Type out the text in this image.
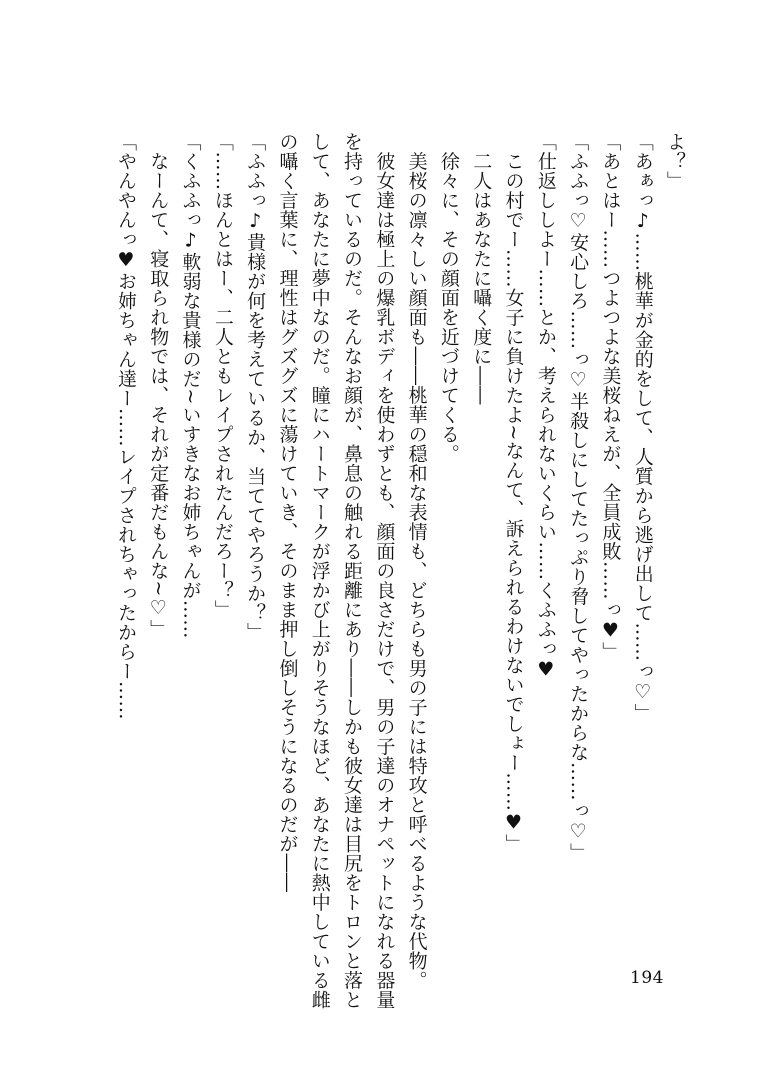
よ？」
「あぁっ♪……桃華が金的をして、人質から逃げ出して……っ♡」
「あとはー……つよつよな美桜ねえが、全員成敗……っ♥」
「ふふっ♡安心しろ……っ♡半殺しにしてたっぷり脅してやったからな……っ♡」
「仕返ししよー……とか、考えられないくらい……くふふっ♥
　この村でー……女子に負けたよ~なんて、訴えられるわけないでしょー……♥」
　二人はあなたに囁く度に――
　徐々に、その顔面を近づけてくる。
　美桜の凛々しい顔面も――桃華の穏和な表情も、どちらも男の子には特攻と呼べるような代物。
　彼女達は極上の爆乳ボディを使わずとも、顔面の良さだけで、男の子達のオナペットになれる器量
を持っているのだ。そんなお顔が、鼻息の触れる距離にあり――しかも彼女達は目尻をトロンと落と
して、あなたに夢中なのだ。瞳にハートマークが浮かび上がりそうなほど、あなたに熱中している雌
の囁く言葉に、理性はグズグズに蕩けていき、そのまま押し倒しそうになるのだが――
「ふふっ♪貴様が何を考えているか、当ててやろうか？」
「……ほんとはー、二人ともレイプされたんだろー？」
「くふふっ♪軟弱な貴様のだ~いすきなお姉ちゃんが……
　なーんて、寝取られ物では、それが定番だもんな~♡」
「やんやんっ♥お姉ちゃん達ー……レイプされちゃったからー……
194
